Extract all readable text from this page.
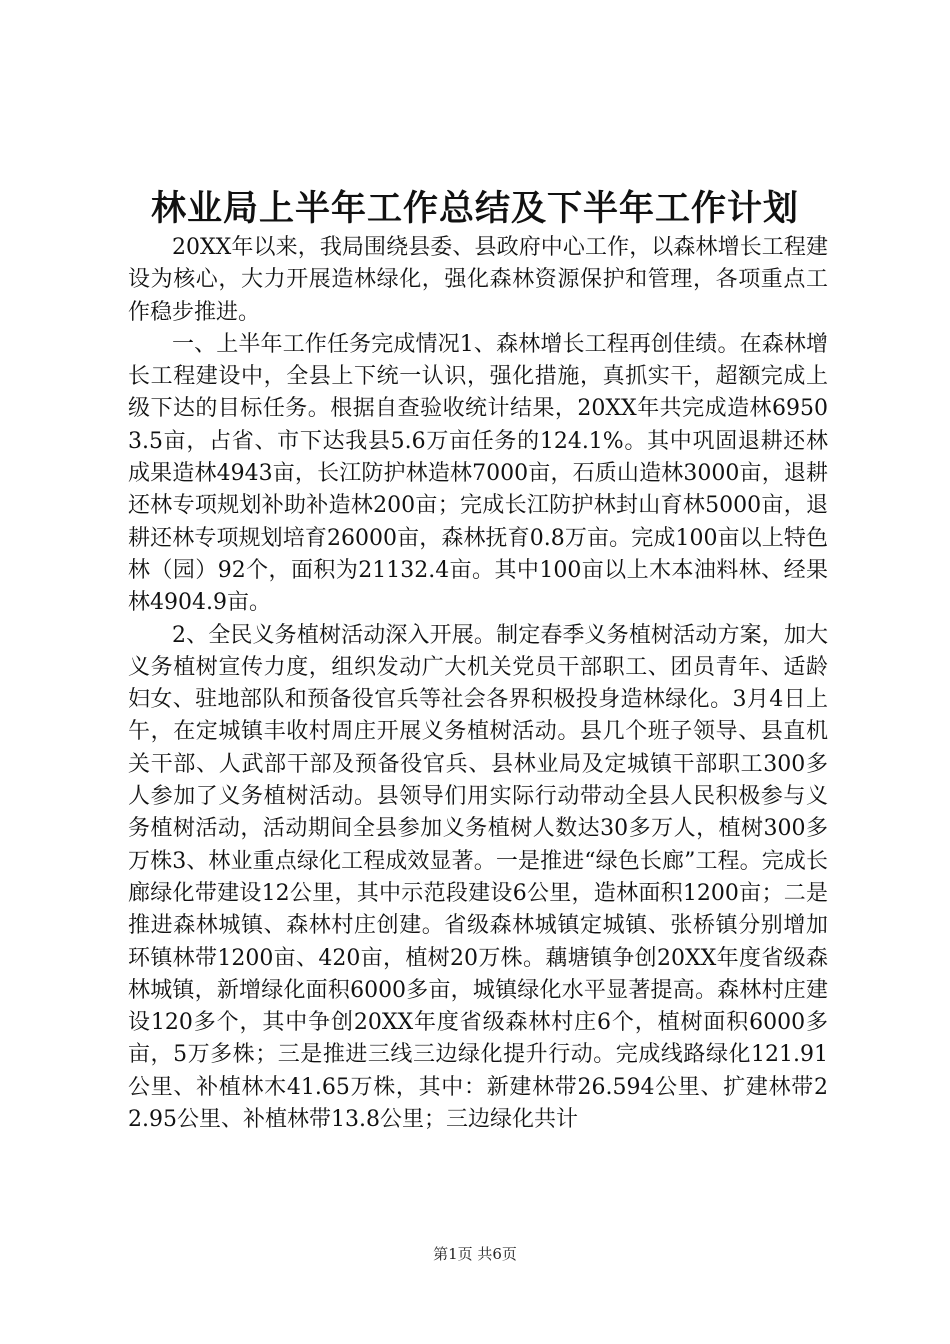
林业局上半年工作总结及下半年工作计划

20XX年以来，我局围绕县委、县政府中心工作，以森林增长工程建设为核心，大力开展造林绿化，强化森林资源保护和管理，各项重点工作稳步推进。

一、上半年工作任务完成情况1、森林增长工程再创佳绩。在森林增长工程建设中，全县上下统一认识，强化措施，真抓实干，超额完成上级下达的目标任务。根据自查验收统计结果，20XX年共完成造林69503.5亩，占省、市下达我县5.6万亩任务的124.1%。其中巩固退耕还林成果造林4943亩，长江防护林造林7000亩，石质山造林3000亩，退耕还林专项规划补助补造林200亩；完成长江防护林封山育林5000亩，退耕还林专项规划培育26000亩，森林抚育0.8万亩。完成100亩以上特色林（园）92个，面积为21132.4亩。其中100亩以上木本油料林、经果林4904.9亩。

2、全民义务植树活动深入开展。制定春季义务植树活动方案，加大义务植树宣传力度，组织发动广大机关党员干部职工、团员青年、适龄妇女、驻地部队和预备役官兵等社会各界积极投身造林绿化。3月4日上午，在定城镇丰收村周庄开展义务植树活动。县几个班子领导、县直机关干部、人武部干部及预备役官兵、县林业局及定城镇干部职工300多人参加了义务植树活动。县领导们用实际行动带动全县人民积极参与义务植树活动，活动期间全县参加义务植树人数达30多万人，植树300多万株3、林业重点绿化工程成效显著。一是推进“绿色长廊”工程。完成长廊绿化带建设12公里，其中示范段建设6公里，造林面积1200亩；二是推进森林城镇、森林村庄创建。省级森林城镇定城镇、张桥镇分别增加环镇林带1200亩、420亩，植树20万株。藕塘镇争创20XX年度省级森林城镇，新增绿化面积6000多亩，城镇绿化水平显著提高。森林村庄建设120多个，其中争创20XX年度省级森林村庄6个，植树面积6000多亩，5万多株；三是推进三线三边绿化提升行动。完成线路绿化121.91公里、补植林木41.65万株，其中：新建林带26.594公里、扩建林带22.95公里、补植林带13.8公里；三边绿化共计

第1页 共6页
